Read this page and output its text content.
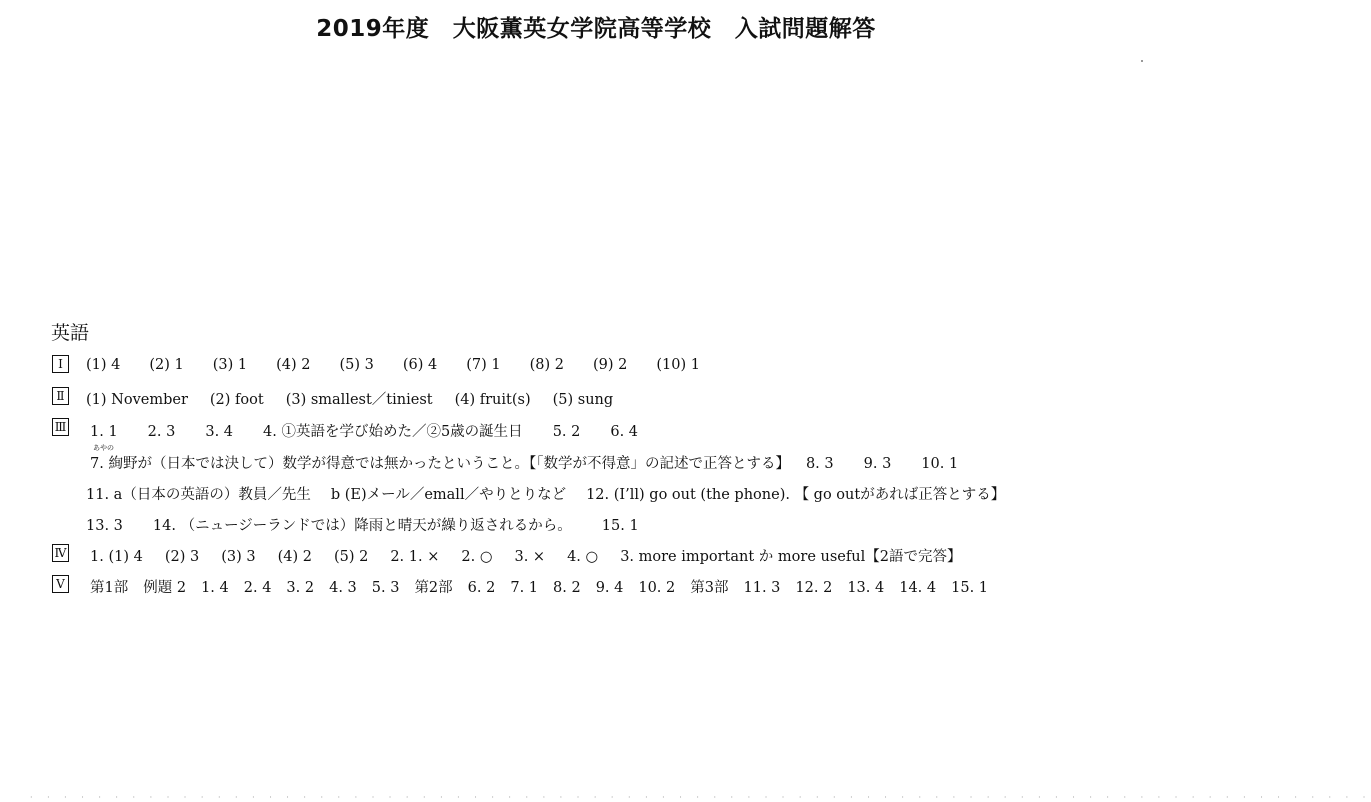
2019年度　大阪薫英女学院高等学校　入試問題解答
英語
Ⅰ	(1) 4 (2) 1 (3) 1 (4) 2 (5) 3 (6) 4 (7) 1 (8) 2 (9) 2 (10) 1
Ⅱ	(1) November (2) foot (3) smallest／tiniest (4) fruit(s) (5) sung
Ⅲ 1. 1 2. 3 3. 4 4. ①英語を学び始めた／②5歳の誕生日 5. 2 6. 4
あやの
7. 絢野が（日本では決して）数学が得意では無かったということ。【「数学が不得意」の記述で正答とする】 8. 3 9. 3 10. 1
11. a（日本の英語の）教員／先生 b (E)メール／emall／やりとりなど 12. (I’ll) go out (the phone). 【 go outがあれば正答とする】
13. 3 14. （ニュージーランドでは）降雨と晴天が繰り返されるから。 15. 1
Ⅳ 1. (1) 4 (2) 3 (3) 3 (4) 2 (5) 2 2. 1. × 2. ○ 3. × 4. ○ 3. more important か more useful【2語で完答】
Ⅴ 第1部 例題 2 1. 4 2. 4 3. 2 4. 3 5. 3 第2部 6. 2 7. 1 8. 2 9. 4 10. 2 第3部 11. 3 12. 2 13. 4 14. 4 15. 1
· · · · · · · · · · · · · · · · · · · · · · · · · · · · · · · · · · · · · · · · · · · · · · · · · · · · · · · · · · · · · · · · · · · · · · · · · · · · · · ·
